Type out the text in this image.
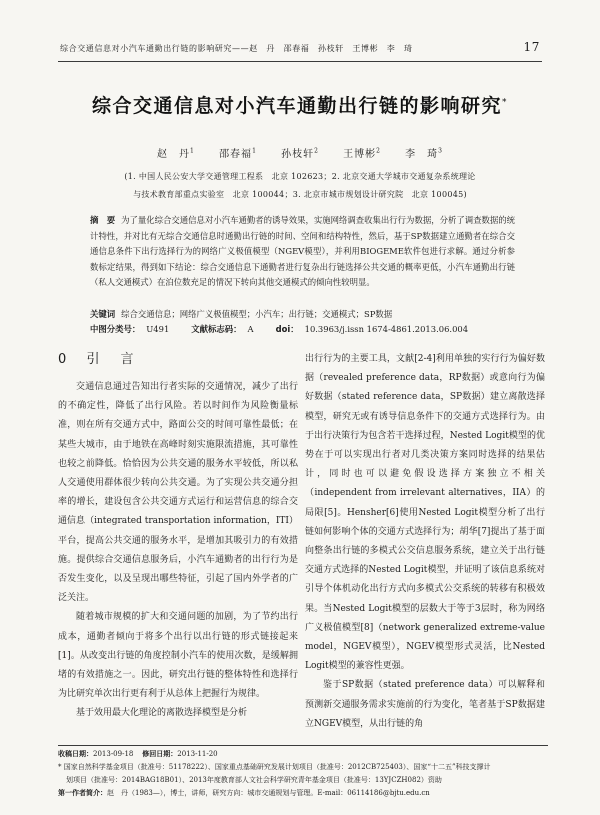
综合交通信息对小汽车通勤出行链的影响研究——赵　丹　邵春福　孙枝轩　王博彬　李　琦	17
综合交通信息对小汽车通勤出行链的影响研究*
赵　丹$^1$ 邵春福$^1$ 孙枝轩$^2$ 王博彬$^2$ 李　琦$^3$
(1. 中国人民公安大学交通管理工程系　北京 102623；2. 北京交通大学城市交通复杂系统理论
与技术教育部重点实验室　北京 100044；3. 北京市城市规划设计研究院　北京 100045)
摘　要 为了量化综合交通信息对小汽车通勤者的诱导效果，实施网络调查收集出行行为数据，分析了调查数据的统计特性，并对比有无综合交通信息时通勤出行链的时间、空间和结构特性，然后，基于SP数据建立通勤者在综合交通信息条件下出行选择行为的网络广义极值模型（NGEV模型），并利用BIOGEME软件包进行求解。通过分析参数标定结果，得到如下结论：综合交通信息下通勤者进行复杂出行链选择公共交通的概率更低，小汽车通勤出行链（私人交通模式）在泊位数充足的情况下转向其他交通模式的倾向性较明显。
关键词 综合交通信息；网络广义极值模型；小汽车；出行链；交通模式；SP数据
中图分类号： U491	文献标志码： A	doi： 10.3963/j.issn 1674-4861.2013.06.004
0 引　言

交通信息通过告知出行者实际的交通情况，减少了出行的不确定性，降低了出行风险。若以时间作为风险衡量标准，则在所有交通方式中，路面公交的时间可靠性最低；在某些大城市，由于地铁在高峰时刻实施限流措施，其可靠性也较之前降低。恰恰因为公共交通的服务水平较低，所以私人交通使用群体很少转向公共交通。为了实现公共交通分担率的增长，建设包含公共交通方式运行和运营信息的综合交通信息（integrated transportation information，ITI）平台，提高公共交通的服务水平，是增加其吸引力的有效措施。提供综合交通信息服务后，小汽车通勤者的出行行为是否发生变化，以及呈现出哪些特征，引起了国内外学者的广泛关注。

随着城市规模的扩大和交通问题的加剧，为了节约出行成本，通勤者倾向于将多个出行以出行链的形式链接起来[1]。从改变出行链的角度控制小汽车的使用次数，是缓解拥堵的有效措施之一。因此，研究出行链的整体特性和选择行为比研究单次出行更有利于从总体上把握行为规律。

基于效用最大化理论的离散选择模型是分析

出行行为的主要工具，文献[2-4]利用单独的实行行为偏好数据（revealed preference data，RP数据）或意向行为偏好数据（stated reference data，SP数据）建立离散选择模型，研究无或有诱导信息条件下的交通方式选择行为。由于出行决策行为包含若干选择过程，Nested Logit模型的优势在于可以实现出行者对几类决策方案同时选择的结果估计，同时也可以避免假设选择方案独立不相关（independent from irrelevant alternatives，IIA）的局限[5]。Hensher[6]使用Nested Logit模型分析了出行链如何影响个体的交通方式选择行为；胡华[7]提出了基于面向整条出行链的多模式公交信息服务系统，建立关于出行链交通方式选择的Nested Logit模型，并证明了该信息系统对引导个体机动化出行方式向多模式公交系统的转移有积极效果。当Nested Logit模型的层数大于等于3层时，称为网络广义极值模型[8]（network generalized extreme-value model，NGEV模型），NGEV模型形式灵活，比Nested Logit模型的兼容性更强。

鉴于SP数据（stated preference data）可以解释和预测新交通服务需求实施前的行为变化，笔者基于SP数据建立NGEV模型，从出行链的角

收稿日期：2013-09-18 修回日期：2013-11-20
* 国家自然科学基金项目（批准号：51178222）、国家重点基础研究发展计划项目（批准号：2012CB725403）、国家“十二五”科技支撑计
划项目（批准号：2014BAG18B01）、2013年度教育部人文社会科学研究青年基金项目（批准号：13YJCZH082）资助
第一作者简介：赵　丹（1983—），博士，讲师，研究方向：城市交通规划与管理。E-mail：06114186@bjtu.edu.cn
